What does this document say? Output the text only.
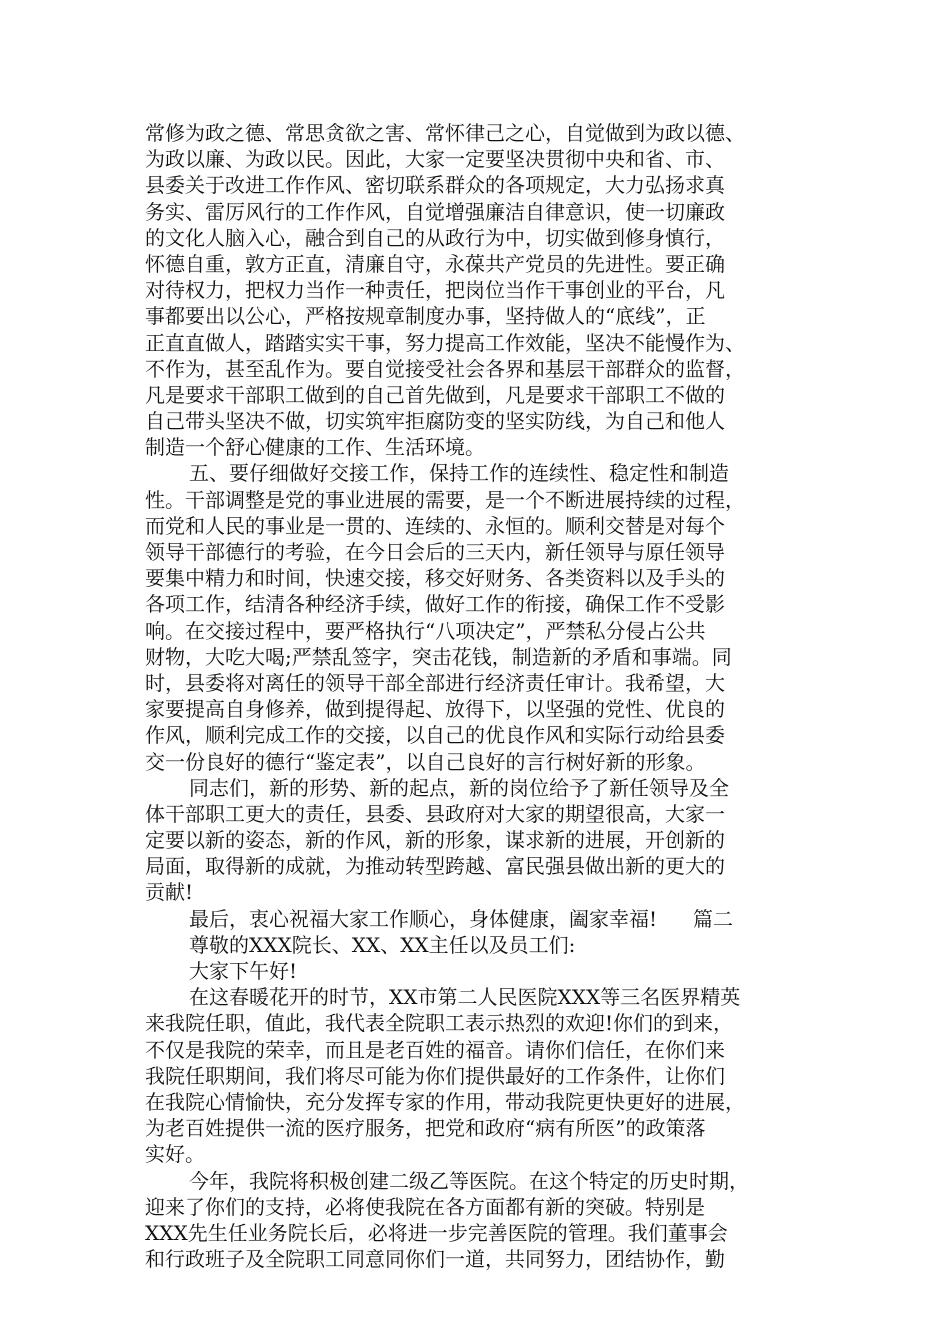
常修为政之德、常思贪欲之害、常怀律己之心，自觉做到为政以德、
为政以廉、为政以民。因此，大家一定要坚决贯彻中央和省、市、
县委关于改进工作作风、密切联系群众的各项规定，大力弘扬求真
务实、雷厉风行的工作作风，自觉增强廉洁自律意识，使一切廉政
的文化人脑入心，融合到自己的从政行为中，切实做到修身慎行，
怀德自重，敦方正直，清廉自守，永葆共产党员的先进性。要正确
对待权力，把权力当作一种责任，把岗位当作干事创业的平台，凡
事都要出以公心，严格按规章制度办事，坚持做人的“底线”，正
正直直做人，踏踏实实干事，努力提高工作效能，坚决不能慢作为、
不作为，甚至乱作为。要自觉接受社会各界和基层干部群众的监督，
凡是要求干部职工做到的自己首先做到，凡是要求干部职工不做的
自己带头坚决不做，切实筑牢拒腐防变的坚实防线，为自己和他人
制造一个舒心健康的工作、生活环境。
五、要仔细做好交接工作，保持工作的连续性、稳定性和制造
性。干部调整是党的事业进展的需要，是一个不断进展持续的过程，
而党和人民的事业是一贯的、连续的、永恒的。顺利交替是对每个
领导干部德行的考验，在今日会后的三天内，新任领导与原任领导
要集中精力和时间，快速交接，移交好财务、各类资料以及手头的
各项工作，结清各种经济手续，做好工作的衔接，确保工作不受影
响。在交接过程中，要严格执行“八项决定”，严禁私分侵占公共
财物，大吃大喝;严禁乱签字，突击花钱，制造新的矛盾和事端。同
时，县委将对离任的领导干部全部进行经济责任审计。我希望，大
家要提高自身修养，做到提得起、放得下，以坚强的党性、优良的
作风，顺利完成工作的交接，以自己的优良作风和实际行动给县委
交一份良好的德行“鉴定表”，以自己良好的言行树好新的形象。
同志们，新的形势、新的起点，新的岗位给予了新任领导及全
体干部职工更大的责任，县委、县政府对大家的期望很高，大家一
定要以新的姿态，新的作风，新的形象，谋求新的进展，开创新的
局面，取得新的成就，为推动转型跨越、富民强县做出新的更大的
贡献!
最后，衷心祝福大家工作顺心，身体健康，阖家幸福! 篇二
尊敬的XXX院长、XX、XX主任以及员工们:
大家下午好!
在这春暖花开的时节，XX市第二人民医院XXX等三名医界精英
来我院任职，值此，我代表全院职工表示热烈的欢迎!你们的到来，
不仅是我院的荣幸，而且是老百姓的福音。请你们信任，在你们来
我院任职期间，我们将尽可能为你们提供最好的工作条件，让你们
在我院心情愉快，充分发挥专家的作用，带动我院更快更好的进展，
为老百姓提供一流的医疗服务，把党和政府“病有所医”的政策落
实好。
今年，我院将积极创建二级乙等医院。在这个特定的历史时期，
迎来了你们的支持，必将使我院在各方面都有新的突破。特别是
XXX先生任业务院长后，必将进一步完善医院的管理。我们董事会
和行政班子及全院职工同意同你们一道，共同努力，团结协作，勤
